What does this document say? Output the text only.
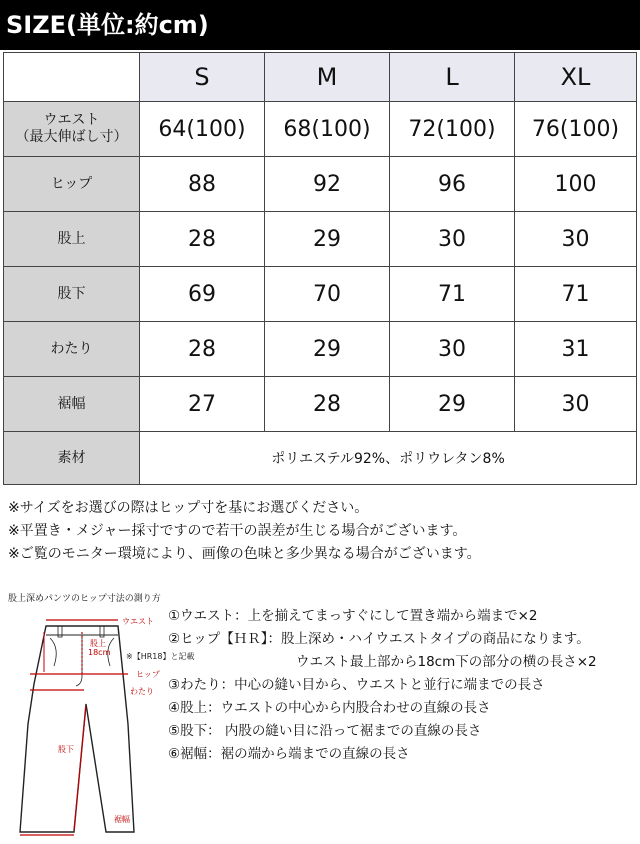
SIZE(単位:約cm)
	S	M	L	XL

ウエスト
（最大伸ばし寸）	64(100)	68(100)	72(100)	76(100)
ヒップ	88	92	96	100
股上	28	29	30	30
股下	69	70	71	71
わたり	28	29	30	31
裾幅	27	28	29	30
素材	ポリエステル92%、ポリウレタン8%			
※サイズをお選びの際はヒップ寸を基にお選びください。
※平置き・メジャー採寸ですので若干の誤差が生じる場合がございます。
※ご覧のモニター環境により、画像の色味と多少異なる場合がございます。
股上深めパンツのヒップ寸法の測り方
ウエスト
股上
18cm ※【HR18】と記載
ヒップ
わたり
股下
裾幅
①ウエスト：上を揃えてまっすぐにして置き端から端まで×2
②ヒップ【ＨＲ】：股上深め・ハイウエストタイプの商品になります。
ウエスト最上部から18cm下の部分の横の長さ×2
③わたり：中心の縫い目から、ウエストと並行に端までの長さ
④股上：ウエストの中心から内股合わせの直線の長さ
⑤股下： 内股の縫い目に沿って裾までの直線の長さ
⑥裾幅：裾の端から端までの直線の長さ
